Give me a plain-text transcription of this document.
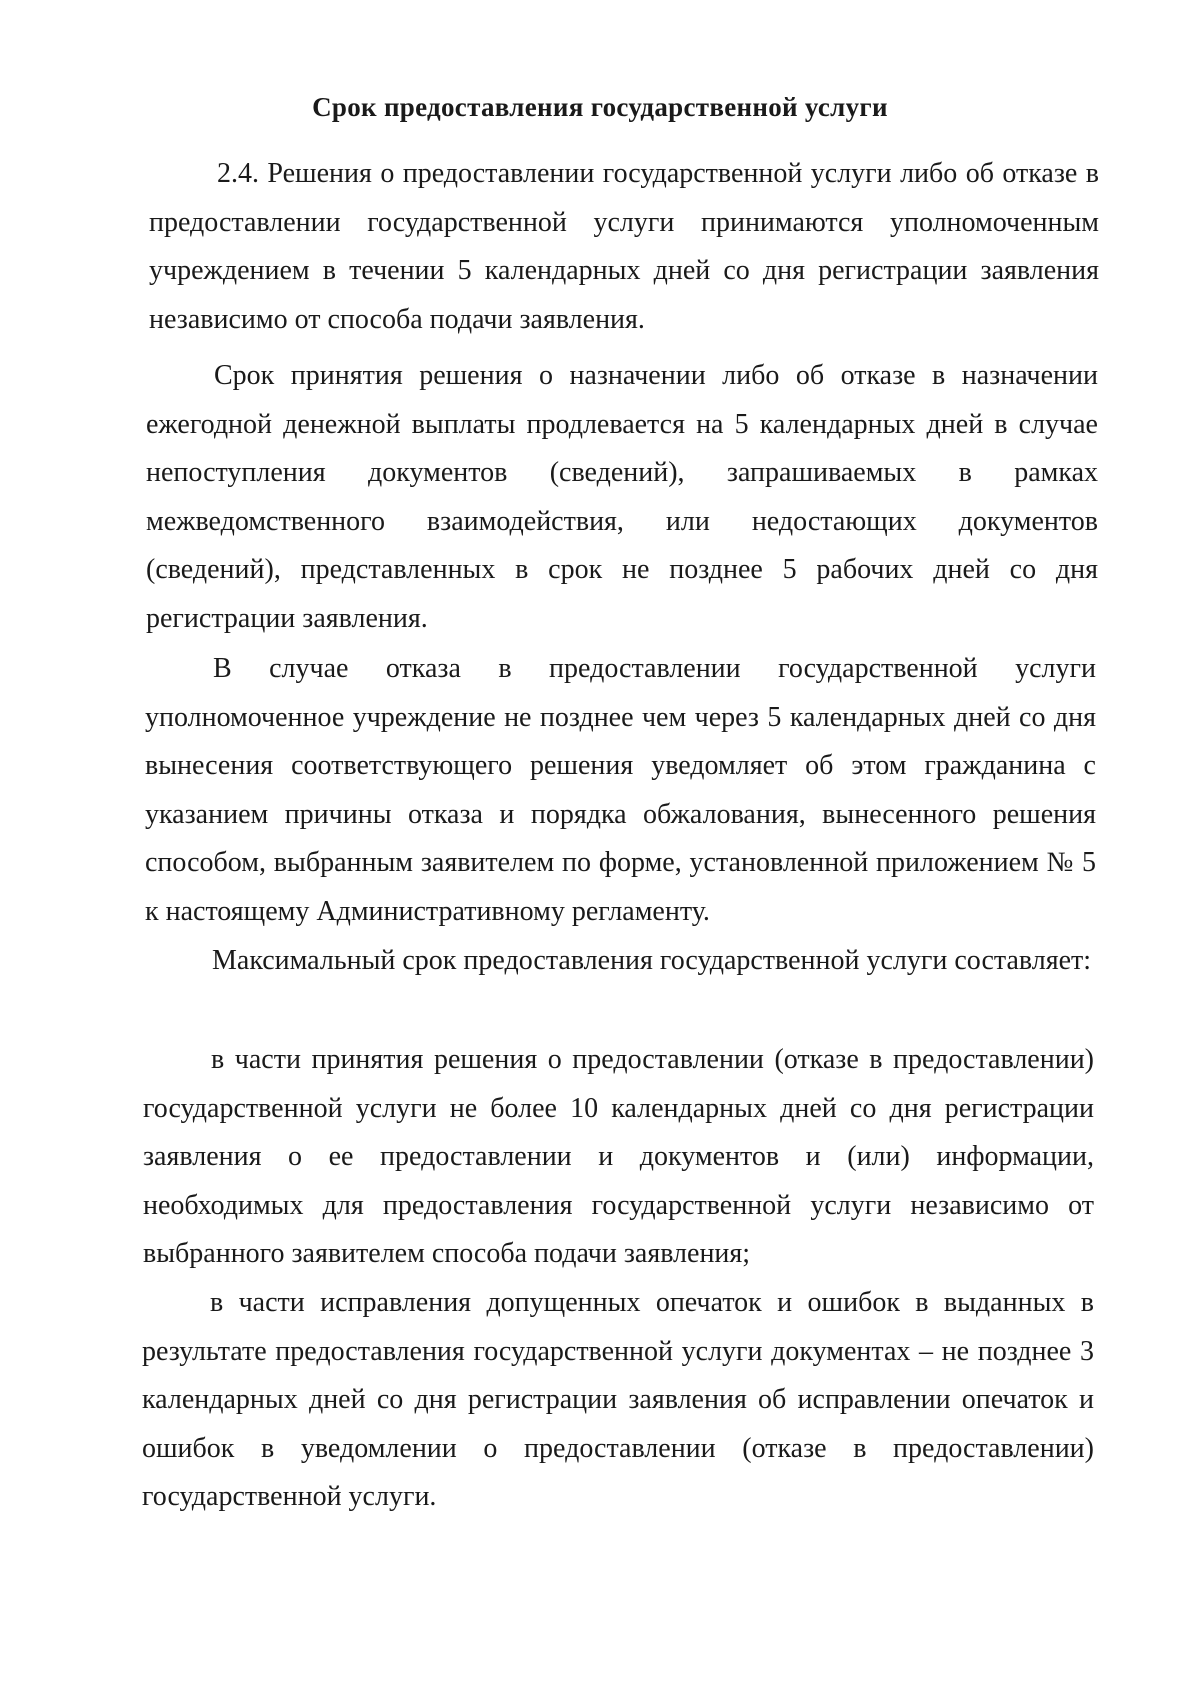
Срок предоставления государственной услуги

2.4. Решения о предоставлении государственной услуги либо об отказе в предоставлении государственной услуги принимаются уполномоченным учреждением в течении 5 календарных дней со дня регистрации заявления независимо от способа подачи заявления.

Срок принятия решения о назначении либо об отказе в назначении ежегодной денежной выплаты продлевается на 5 календарных дней в случае непоступления документов (сведений), запрашиваемых в рамках межведомственного взаимодействия, или недостающих документов (сведений), представленных в срок не позднее 5 рабочих дней со дня регистрации заявления.

В случае отказа в предоставлении государственной услуги уполномоченное учреждение не позднее чем через 5 календарных дней со дня вынесения соответствующего решения уведомляет об этом гражданина с указанием причины отказа и порядка обжалования, вынесенного решения способом, выбранным заявителем по форме, установленной приложением № 5 к настоящему Административному регламенту.

Максимальный срок предоставления государственной услуги составляет:

в части принятия решения о предоставлении (отказе в предоставлении) государственной услуги не более 10 календарных дней со дня регистрации заявления о ее предоставлении и документов и (или) информации, необходимых для предоставления государственной услуги независимо от выбранного заявителем способа подачи заявления;

в части исправления допущенных опечаток и ошибок в выданных в результате предоставления государственной услуги документах – не позднее 3 календарных дней со дня регистрации заявления об исправлении опечаток и ошибок в уведомлении о предоставлении (отказе в предоставлении) государственной услуги.
